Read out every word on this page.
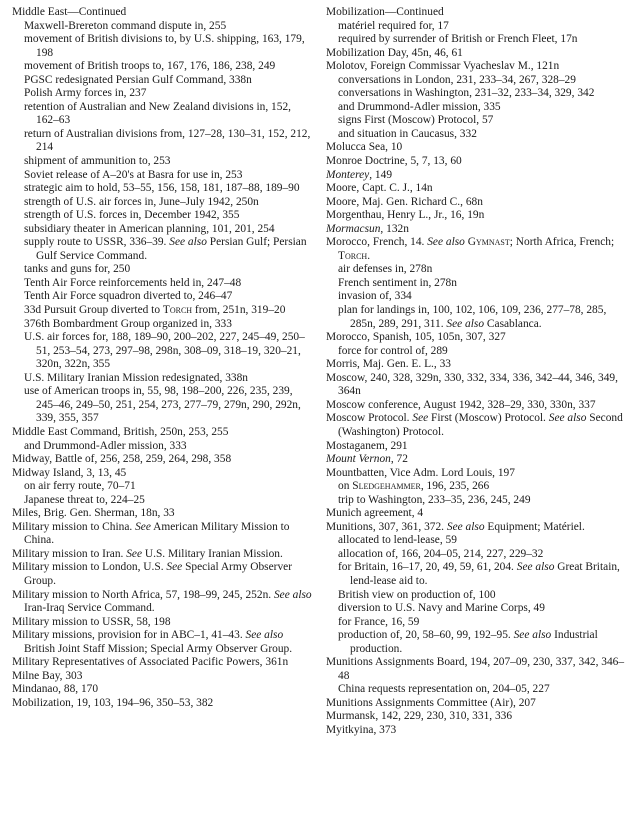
Middle East—Continued
Maxwell-Brereton command dispute in, 255
movement of British divisions to, by U.S. shipping, 163, 179, 198
movement of British troops to, 167, 176, 186, 238, 249
PGSC redesignated Persian Gulf Command, 338n
Polish Army forces in, 237
retention of Australian and New Zealand divisions in, 152, 162–63
return of Australian divisions from, 127–28, 130–31, 152, 212, 214
shipment of ammunition to, 253
Soviet release of A–20's at Basra for use in, 253
strategic aim to hold, 53–55, 156, 158, 181, 187–88, 189–90
strength of U.S. air forces in, June–July 1942, 250n
strength of U.S. forces in, December 1942, 355
subsidiary theater in American planning, 101, 201, 254
supply route to USSR, 336–39. See also Persian Gulf; Persian Gulf Service Command.
tanks and guns for, 250
Tenth Air Force reinforcements held in, 247–48
Tenth Air Force squadron diverted to, 246–47
33d Pursuit Group diverted to Torch from, 251n, 319–20
376th Bombardment Group organized in, 333
U.S. air forces for, 188, 189–90, 200–202, 227, 245–49, 250–51, 253–54, 273, 297–98, 298n, 308–09, 318–19, 320–21, 320n, 322n, 355
U.S. Military Iranian Mission redesignated, 338n
use of American troops in, 55, 98, 198–200, 226, 235, 239, 245–46, 249–50, 251, 254, 273, 277–79, 279n, 290, 292n, 339, 355, 357
Middle East Command, British, 250n, 253, 255
and Drummond-Adler mission, 333
Midway, Battle of, 256, 258, 259, 264, 298, 358
Midway Island, 3, 13, 45
on air ferry route, 70–71
Japanese threat to, 224–25
Miles, Brig. Gen. Sherman, 18n, 33
Military mission to China. See American Military Mission to China.
Military mission to Iran. See U.S. Military Iranian Mission.
Military mission to London, U.S. See Special Army Observer Group.
Military mission to North Africa, 57, 198–99, 245, 252n. See also Iran-Iraq Service Command.
Military mission to USSR, 58, 198
Military missions, provision for in ABC–1, 41–43. See also British Joint Staff Mission; Special Army Observer Group.
Military Representatives of Associated Pacific Powers, 361n
Milne Bay, 303
Mindanao, 88, 170
Mobilization, 19, 103, 194–96, 350–53, 382
Mobilization—Continued
matériel required for, 17
required by surrender of British or French Fleet, 17n
Mobilization Day, 45n, 46, 61
Molotov, Foreign Commissar Vyacheslav M., 121n
conversations in London, 231, 233–34, 267, 328–29
conversations in Washington, 231–32, 233–34, 329, 342
and Drummond-Adler mission, 335
signs First (Moscow) Protocol, 57
and situation in Caucasus, 332
Molucca Sea, 10
Monroe Doctrine, 5, 7, 13, 60
Monterey, 149
Moore, Capt. C. J., 14n
Moore, Maj. Gen. Richard C., 68n
Morgenthau, Henry L., Jr., 16, 19n
Mormacsun, 132n
Morocco, French, 14. See also Gymnast; North Africa, French; Torch.
air defenses in, 278n
French sentiment in, 278n
invasion of, 334
plan for landings in, 100, 102, 106, 109, 236, 277–78, 285, 285n, 289, 291, 311. See also Casablanca.
Morocco, Spanish, 105, 105n, 307, 327
force for control of, 289
Morris, Maj. Gen. E. L., 33
Moscow, 240, 328, 329n, 330, 332, 334, 336, 342–44, 346, 349, 364n
Moscow conference, August 1942, 328–29, 330, 330n, 337
Moscow Protocol. See First (Moscow) Protocol. See also Second (Washington) Protocol.
Mostaganem, 291
Mount Vernon, 72
Mountbatten, Vice Adm. Lord Louis, 197
on Sledgehammer, 196, 235, 266
trip to Washington, 233–35, 236, 245, 249
Munich agreement, 4
Munitions, 307, 361, 372. See also Equipment; Matériel.
allocated to lend-lease, 59
allocation of, 166, 204–05, 214, 227, 229–32
for Britain, 16–17, 20, 49, 59, 61, 204. See also Great Britain, lend-lease aid to.
British view on production of, 100
diversion to U.S. Navy and Marine Corps, 49
for France, 16, 59
production of, 20, 58–60, 99, 192–95. See also Industrial production.
Munitions Assignments Board, 194, 207–09, 230, 337, 342, 346–48
China requests representation on, 204–05, 227
Munitions Assignments Committee (Air), 207
Murmansk, 142, 229, 230, 310, 331, 336
Myitkyina, 373
